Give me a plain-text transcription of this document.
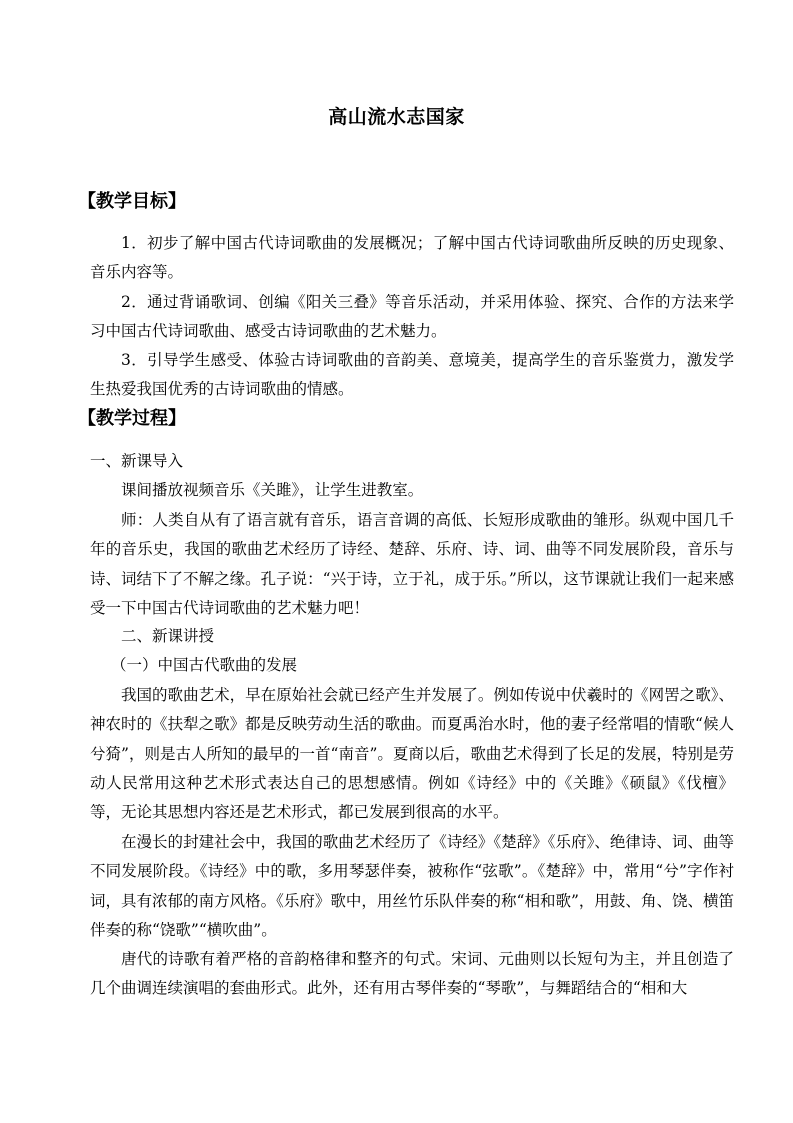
高山流水志国家
【教学目标】
1．初步了解中国古代诗词歌曲的发展概况；了解中国古代诗词歌曲所反映的历史现象、音乐内容等。
2．通过背诵歌词、创编《阳关三叠》等音乐活动，并采用体验、探究、合作的方法来学习中国古代诗词歌曲、感受古诗词歌曲的艺术魅力。
3．引导学生感受、体验古诗词歌曲的音韵美、意境美，提高学生的音乐鉴赏力，激发学生热爱我国优秀的古诗词歌曲的情感。
【教学过程】
一、新课导入
课间播放视频音乐《关雎》，让学生进教室。
师：人类自从有了语言就有音乐，语言音调的高低、长短形成歌曲的雏形。纵观中国几千年的音乐史，我国的歌曲艺术经历了诗经、楚辞、乐府、诗、词、曲等不同发展阶段，音乐与诗、词结下了不解之缘。孔子说：“兴于诗，立于礼，成于乐。”所以，这节课就让我们一起来感受一下中国古代诗词歌曲的艺术魅力吧！
二、新课讲授
（一）中国古代歌曲的发展
我国的歌曲艺术，早在原始社会就已经产生并发展了。例如传说中伏羲时的《网罟之歌》、神农时的《扶犁之歌》都是反映劳动生活的歌曲。而夏禹治水时，他的妻子经常唱的情歌“候人兮猗”，则是古人所知的最早的一首“南音”。夏商以后，歌曲艺术得到了长足的发展，特别是劳动人民常用这种艺术形式表达自己的思想感情。例如《诗经》中的《关雎》《硕鼠》《伐檀》等，无论其思想内容还是艺术形式，都已发展到很高的水平。
在漫长的封建社会中，我国的歌曲艺术经历了《诗经》《楚辞》《乐府》、绝律诗、词、曲等不同发展阶段。《诗经》中的歌，多用琴瑟伴奏，被称作“弦歌”。《楚辞》中，常用“兮”字作衬词，具有浓郁的南方风格。《乐府》歌中，用丝竹乐队伴奏的称“相和歌”，用鼓、角、饶、横笛伴奏的称“饶歌”“横吹曲”。
唐代的诗歌有着严格的音韵格律和整齐的句式。宋词、元曲则以长短句为主，并且创造了几个曲调连续演唱的套曲形式。此外，还有用古琴伴奏的“琴歌”，与舞蹈结合的“相和大
